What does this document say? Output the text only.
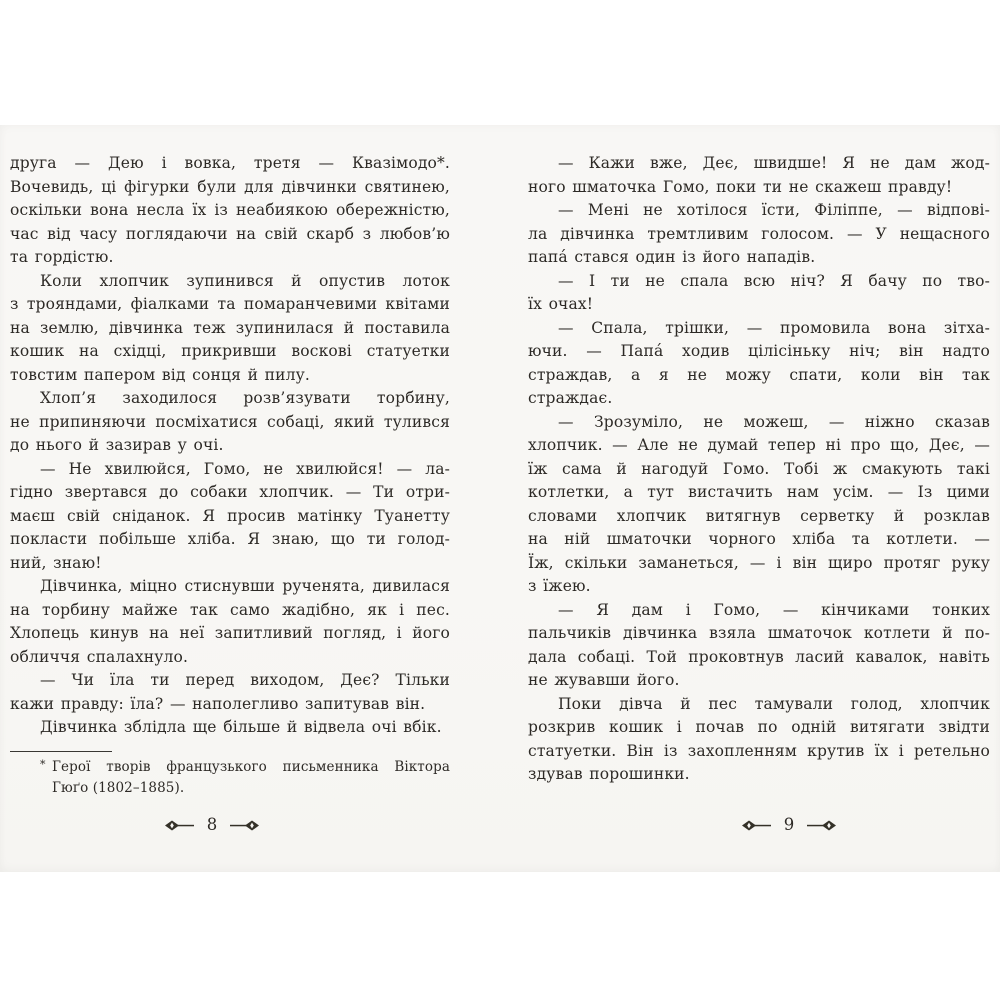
друга — Дею і вовка, третя — Квазімодо*.
Вочевидь, ці фігурки були для дівчинки святинею,
оскільки вона несла їх із неабиякою обережністю,
час від часу поглядаючи на свій скарб з любов’ю
та гордістю.

Коли хлопчик зупинився й опустив лоток
з трояндами, фіалками та помаранчевими квітами
на землю, дівчинка теж зупинилася й поставила
кошик на східці, прикривши воскові статуетки
товстим папером від сонця й пилу.

Хлоп’я заходилося розв’язувати торбину,
не припиняючи посміхатися собаці, який тулився
до нього й зазирав у очі.

— Не хвилюйся, Гомо, не хвилюйся! — ла-
гідно звертався до собаки хлопчик. — Ти отри-
маєш свій сніданок. Я просив матінку Туанетту
покласти побільше хліба. Я знаю, що ти голод-
ний, знаю!

Дівчинка, міцно стиснувши рученята, дивилася
на торбину майже так само жадібно, як і пес.
Хлопець кинув на неї запитливий погляд, і його
обличчя спалахнуло.

— Чи їла ти перед виходом, Деє? Тільки
кажи правду: їла? — наполегливо запитував він.

Дівчинка зблідла ще більше й відвела очі вбік.

* Герої творів французького письменника Віктора
Гюґо (1802–1885).

— Кажи вже, Деє, швидше! Я не дам жод-
ного шматочка Гомо, поки ти не скажеш правду!

— Мені не хотілося їсти, Філіппе, — відпові-
ла дівчинка тремтливим голосом. — У нещасного
папа́ стався один із його нападів.

— І ти не спала всю ніч? Я бачу по тво-
їх очах!

— Спала, трішки, — промовила вона зітха-
ючи. — Папа́ ходив цілісіньку ніч; він надто
страждав, а я не можу спати, коли він так
страждає.

— Зрозуміло, не можеш, — ніжно сказав
хлопчик. — Але не думай тепер ні про що, Деє, —
їж сама й нагодуй Гомо. Тобі ж смакують такі
котлетки, а тут вистачить нам усім. — Із цими
словами хлопчик витягнув серветку й розклав
на ній шматочки чорного хліба та котлети. —
Їж, скільки заманеться, — і він щиро протяг руку
з їжею.

— Я дам і Гомо, — кінчиками тонких
пальчиків дівчинка взяла шматочок котлети й по-
дала собаці. Той проковтнув ласий кавалок, навіть
не жувавши його.

Поки дівча й пес тамували голод, хлопчик
розкрив кошик і почав по одній витягати звідти
статуетки. Він із захопленням крутив їх і ретельно
здував порошинки.

8	9
